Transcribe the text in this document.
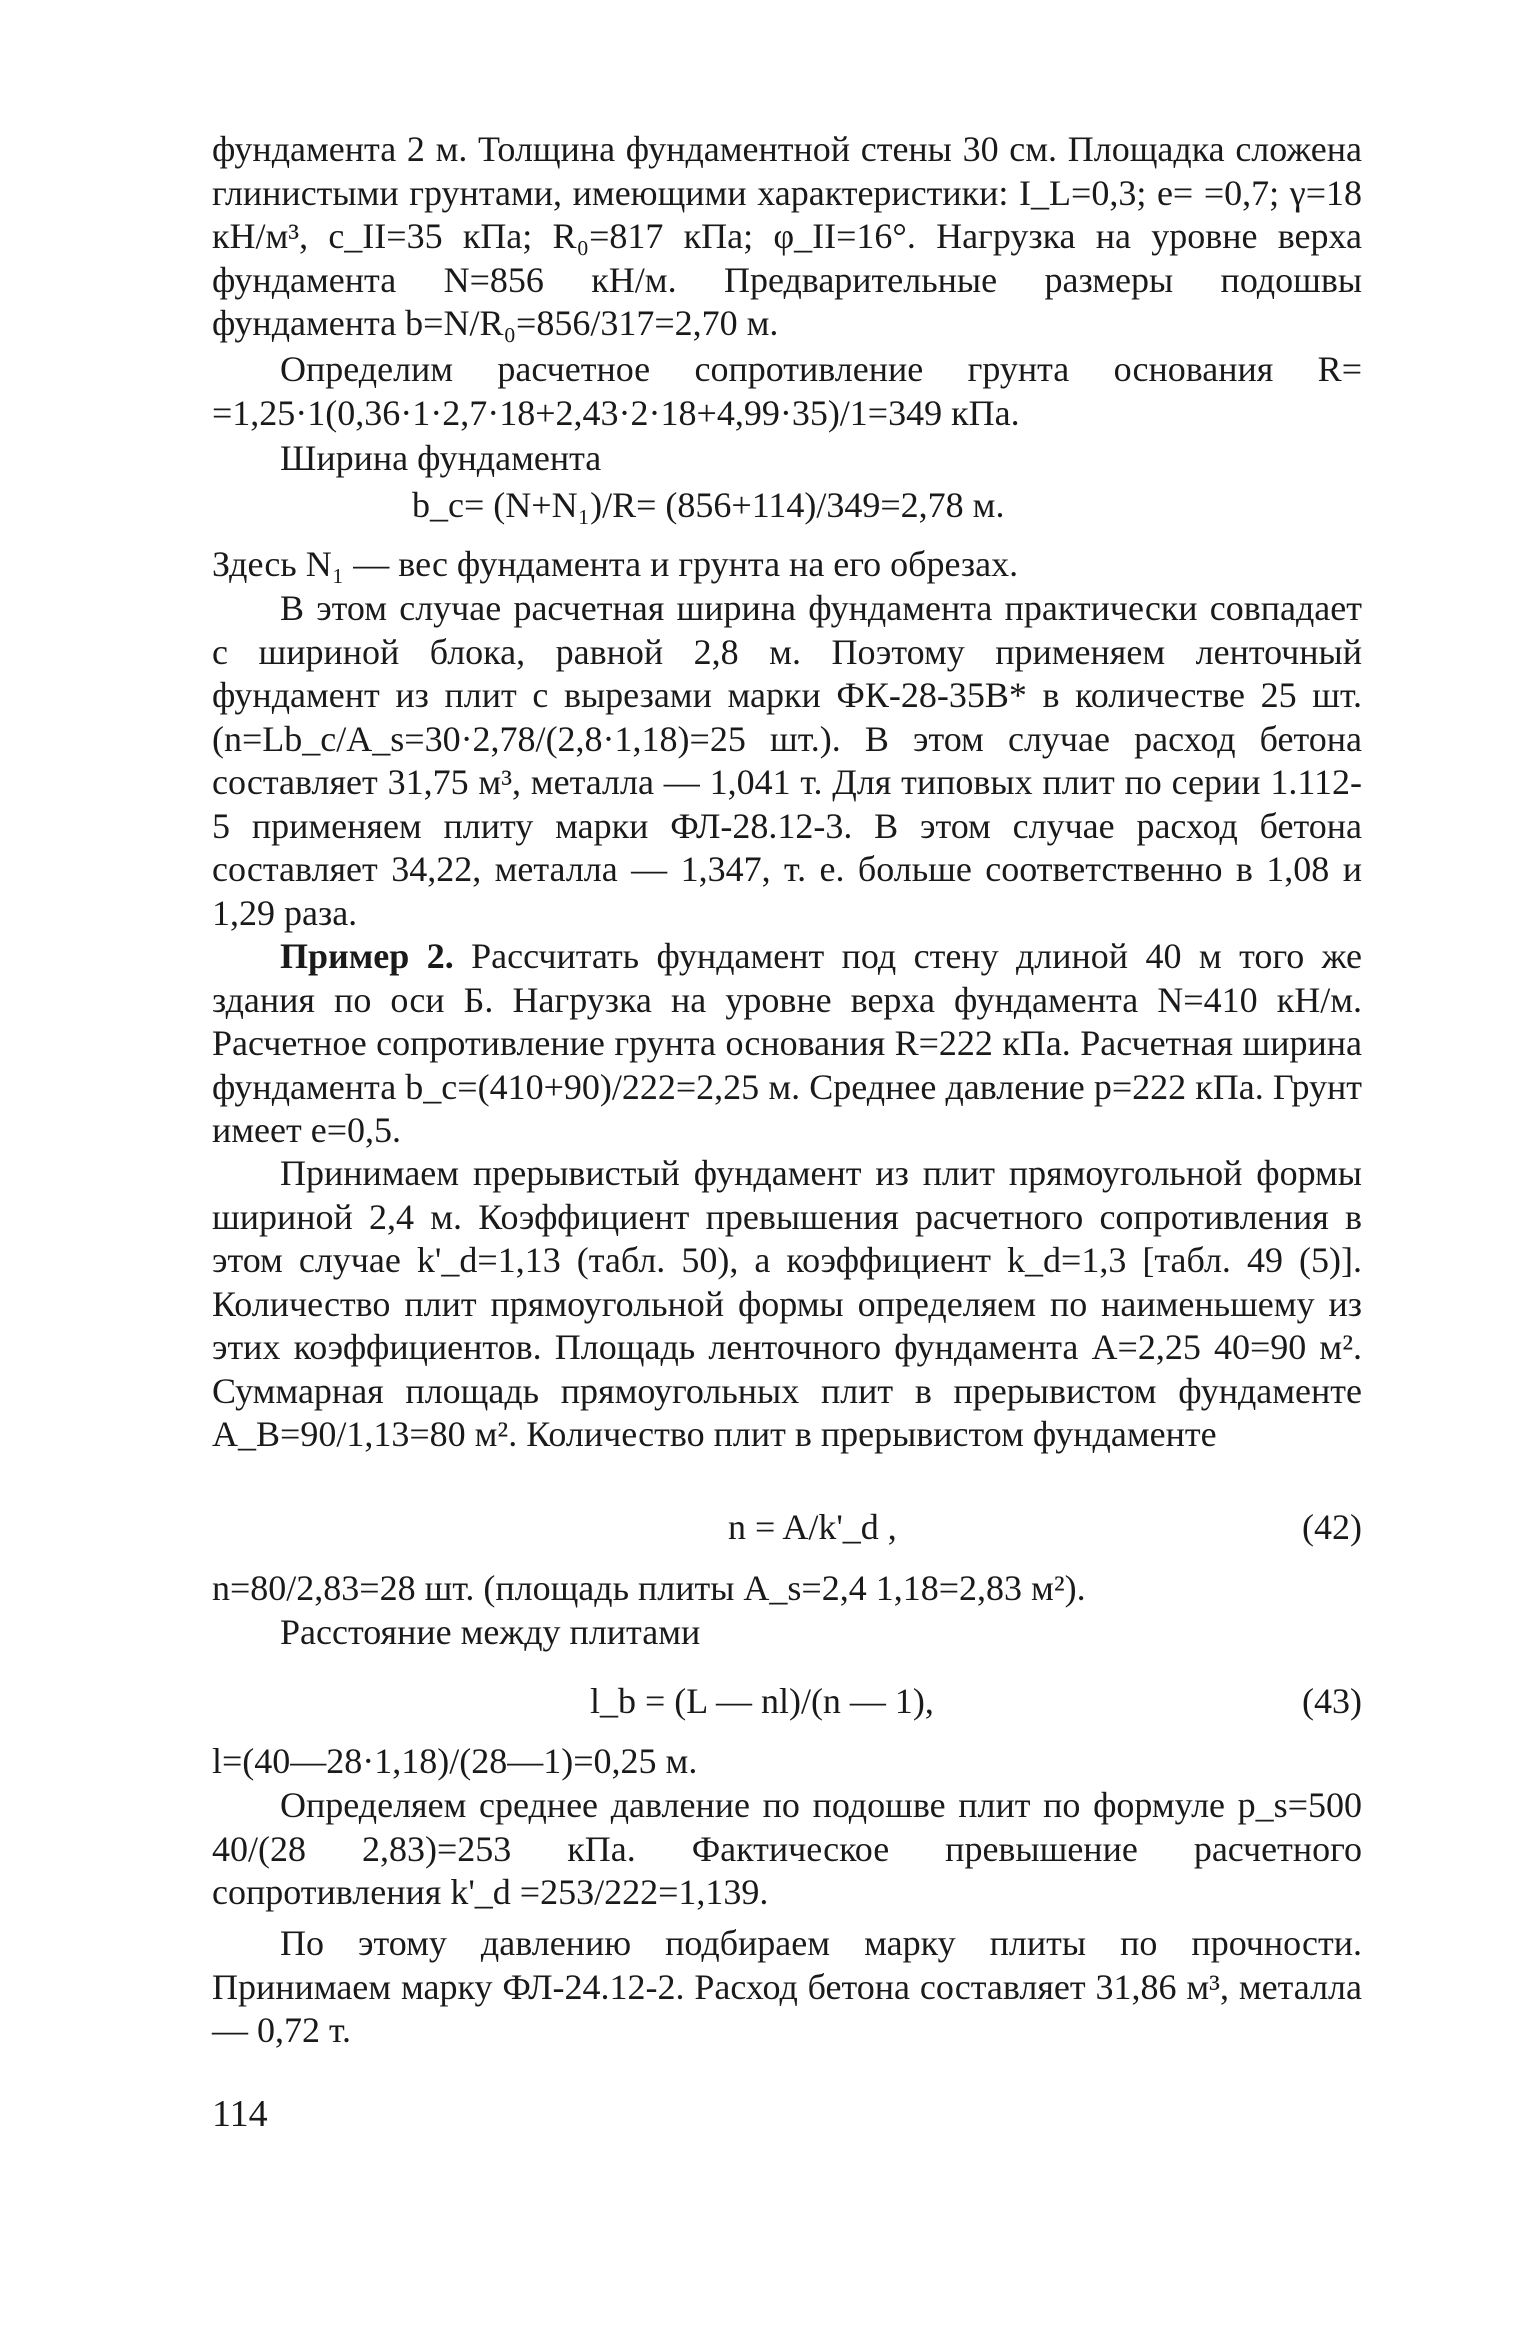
фундамента 2 м. Толщина фундаментной стены 30 см. Площадка сложена глинистыми грунтами, имеющими характеристики: I_L=0,3; e= =0,7; γ=18 кН/м³, c_II=35 кПа; R₀=817 кПа; φ_II=16°. Нагрузка на уровне верха фундамента N=856 кН/м. Предварительные размеры подошвы фундамента b=N/R₀=856/317=2,70 м.

Определим расчетное сопротивление грунта основания R= =1,25·1(0,36·1·2,7·18+2,43·2·18+4,99·35)/1=349 кПа.

Ширина фундамента

b_c= (N+N₁)/R= (856+114)/349=2,78 м.

Здесь N₁ — вес фундамента и грунта на его обрезах.

В этом случае расчетная ширина фундамента практически совпадает с шириной блока, равной 2,8 м. Поэтому применяем ленточный фундамент из плит с вырезами марки ФК-28-35В* в количестве 25 шт. (n=Lb_c/A_s=30·2,78/(2,8·1,18)=25 шт.). В этом случае расход бетона составляет 31,75 м³, металла — 1,041 т. Для типовых плит по серии 1.112-5 применяем плиту марки ФЛ-28.12-3. В этом случае расход бетона составляет 34,22, металла — 1,347, т. е. больше соответственно в 1,08 и 1,29 раза.

Пример 2. Рассчитать фундамент под стену длиной 40 м того же здания по оси Б. Нагрузка на уровне верха фундамента N=410 кН/м. Расчетное сопротивление грунта основания R=222 кПа. Расчетная ширина фундамента b_c=(410+90)/222=2,25 м. Среднее давление p=222 кПа. Грунт имеет e=0,5.

Принимаем прерывистый фундамент из плит прямоугольной формы шириной 2,4 м. Коэффициент превышения расчетного сопротивления в этом случае k'_d=1,13 (табл. 50), а коэффициент k_d=1,3 [табл. 49 (5)]. Количество плит прямоугольной формы определяем по наименьшему из этих коэффициентов. Площадь ленточного фундамента A=2,25 40=90 м². Суммарная площадь прямоугольных плит в прерывистом фундаменте A_B=90/1,13=80 м². Количество плит в прерывистом фундаменте

n = A/k'_d ,	(42)

n=80/2,83=28 шт. (площадь плиты A_s=2,4 1,18=2,83 м²).

Расстояние между плитами

l_b = (L — nl)/(n — 1),	(43)

l=(40—28·1,18)/(28—1)=0,25 м.

Определяем среднее давление по подошве плит по формуле p_s=500 40/(28 2,83)=253 кПа. Фактическое превышение расчетного сопротивления k'_d =253/222=1,139.

По этому давлению подбираем марку плиты по прочности. Принимаем марку ФЛ-24.12-2. Расход бетона составляет 31,86 м³, металла — 0,72 т.

114
